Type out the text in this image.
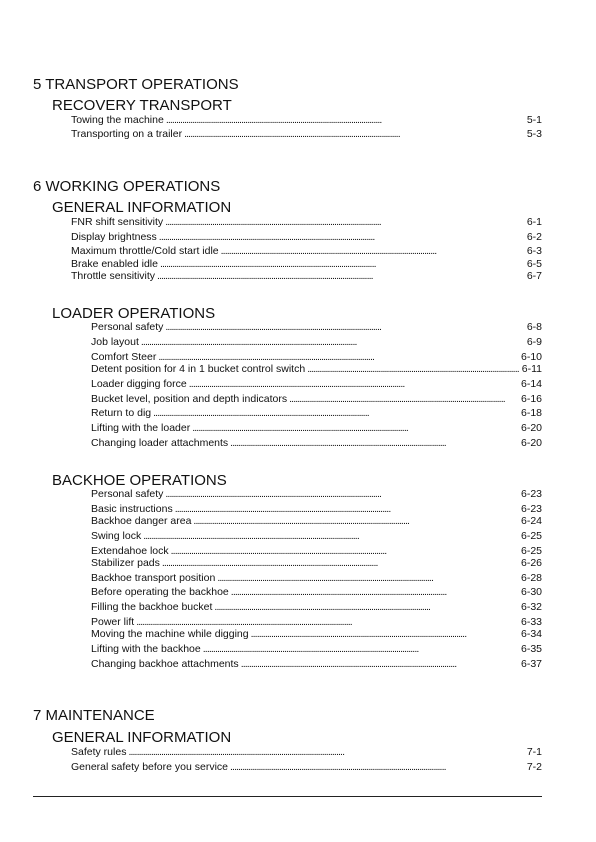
5 TRANSPORT OPERATIONS
RECOVERY TRANSPORT
Towing the machine . . .	5-1
Transporting on a trailer . . .	5-3
6 WORKING OPERATIONS
GENERAL INFORMATION
FNR shift sensitivity . . .	6-1
Display brightness . . .	6-2
Maximum throttle/Cold start idle . . .	6-3
Brake enabled idle . . .	6-5
Throttle sensitivity . . .	6-7
LOADER OPERATIONS
Personal safety . . .	6-8
Job layout . . .	6-9
Comfort Steer . . .	6-10
Detent position for 4 in 1 bucket control switch . . .	6-11
Loader digging force . . .	6-14
Bucket level, position and depth indicators . . .	6-16
Return to dig . . .	6-18
Lifting with the loader . . .	6-20
Changing loader attachments . . .	6-20
BACKHOE OPERATIONS
Personal safety . . .	6-23
Basic instructions . . .	6-23
Backhoe danger area . . .	6-24
Swing lock . . .	6-25
Extendahoe lock . . .	6-25
Stabilizer pads . . .	6-26
Backhoe transport position . . .	6-28
Before operating the backhoe . . .	6-30
Filling the backhoe bucket . . .	6-32
Power lift . . .	6-33
Moving the machine while digging . . .	6-34
Lifting with the backhoe . . .	6-35
Changing backhoe attachments . . .	6-37
7 MAINTENANCE
GENERAL INFORMATION
Safety rules . . .	7-1
General safety before you service . . .	7-2
